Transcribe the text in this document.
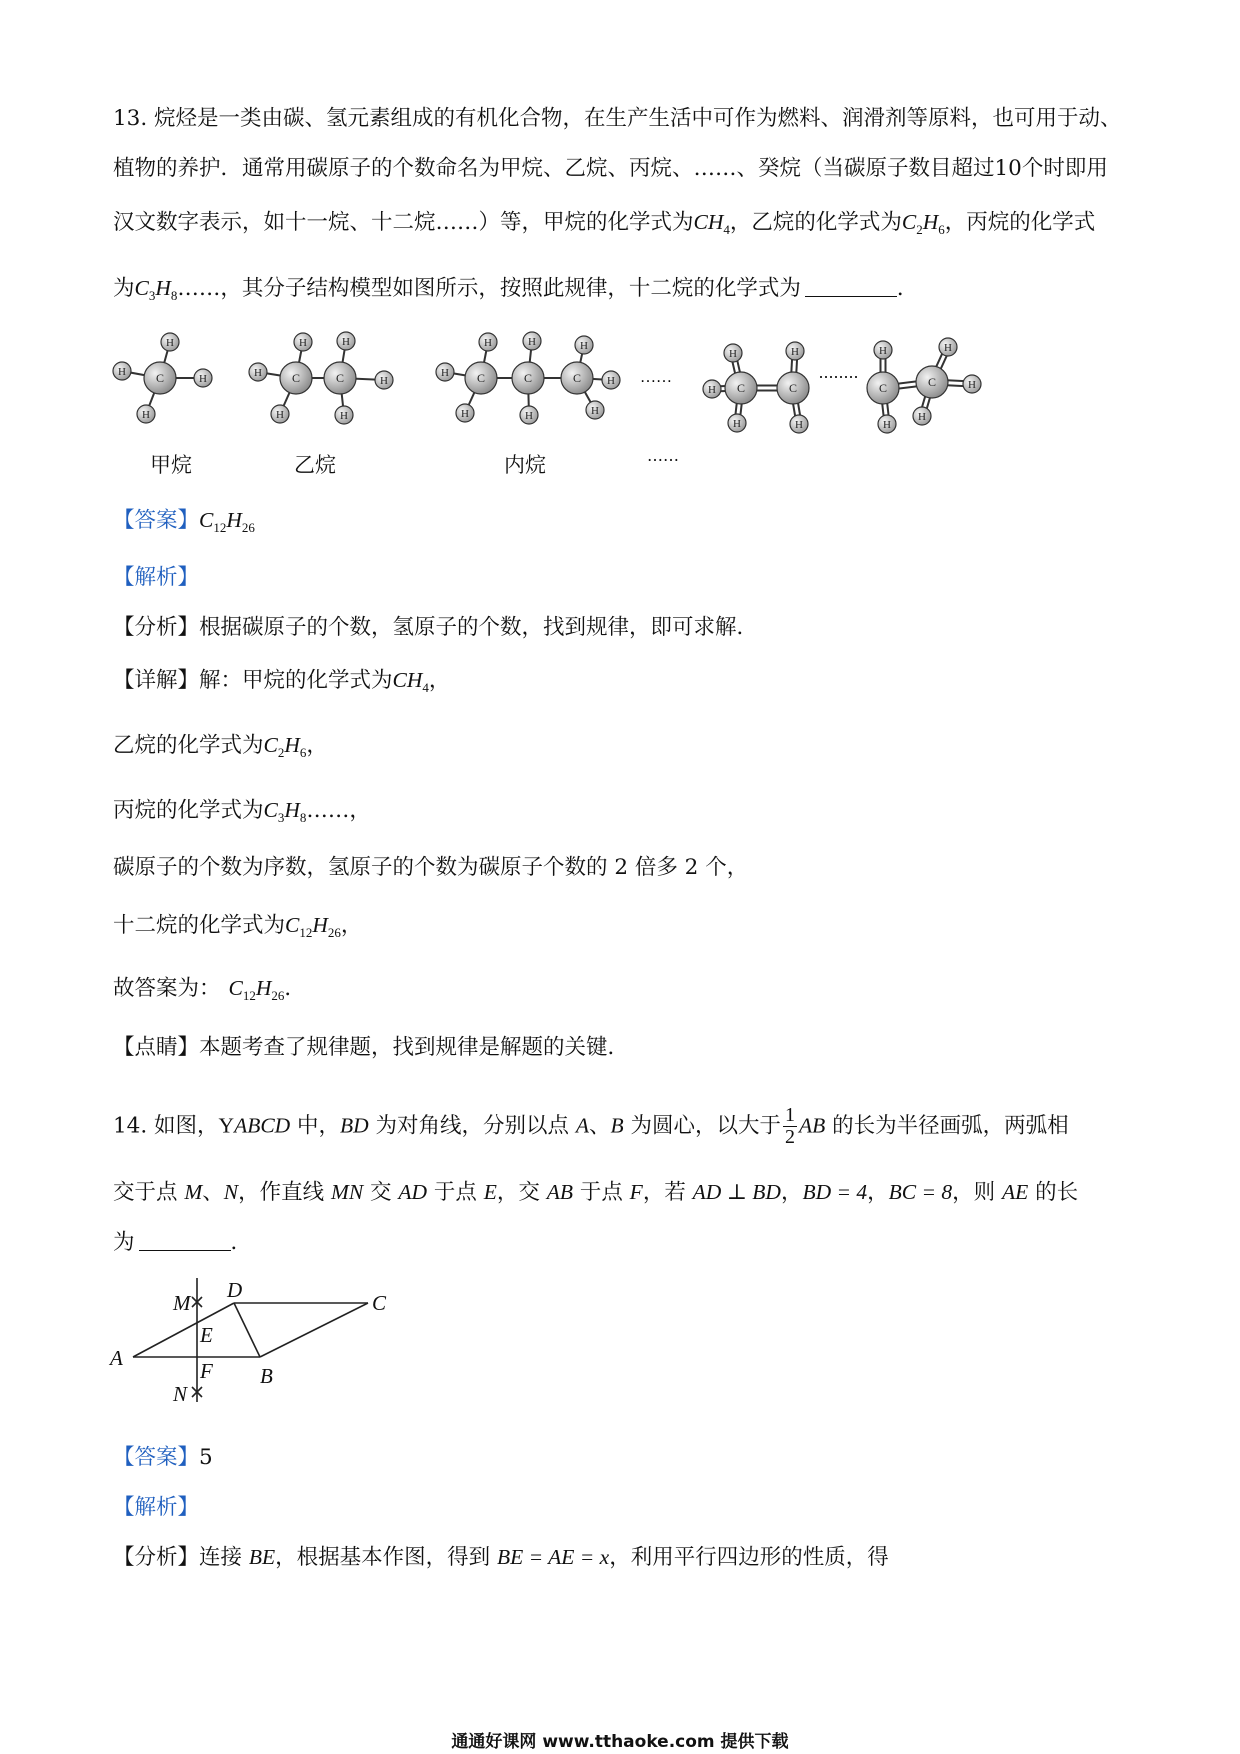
13. 烷烃是一类由碳、氢元素组成的有机化合物，在生产生活中可作为燃料、润滑剂等原料，也可用于动、
植物的养护．通常用碳原子的个数命名为甲烷、乙烷、丙烷、……、癸烷（当碳原子数目超过10个时即用
汉文数字表示，如十一烷、十二烷……）等，甲烷的化学式为$CH_4$，乙烷的化学式为$C_2H_6$，丙烷的化学式
为$C_3H_8\dots\dots$，其分子结构模型如图所示，按照此规律，十二烷的化学式为	．
H
H
H
H
C
H	H
H
H
H	H
C	C
H	H	H
H
H
H	H	H
C	C	C
H	H	H	H
H	H
H	H	H
H
C	C	C	C
……
甲烷	乙烷	内烷	……
【答案】$C_{12}H_{26}$
【解析】
【分析】根据碳原子的个数，氢原子的个数，找到规律，即可求解．
【详解】解：甲烷的化学式为$CH_4$，
乙烷的化学式为$C_2H_6$，
丙烷的化学式为$C_3H_8\dots\dots$，
碳原子的个数为序数，氢原子的个数为碳原子个数的 2 倍多 2 个，
十二烷的化学式为$C_{12}H_{26}$，
故答案为： $C_{12}H_{26}$．
【点睛】本题考查了规律题，找到规律是解题的关键．
14. 如图，YABCD 中，BD 为对角线，分别以点 A、B 为圆心，以大于 $\frac{1}{2}$ AB 的长为半径画弧，两弧相
交于点 M、N，作直线 MN 交 AD 于点 E，交 AB 于点 F，若 AD ⊥ BD，BD = 4，BC = 8，则 AE 的长
为	．
A
B
C
D
E
F
M
N
【答案】5
【解析】
【分析】连接 BE，根据基本作图，得到 BE = AE = x，利用平行四边形的性质，得
通通好课网 www.tthaoke.com 提供下载
